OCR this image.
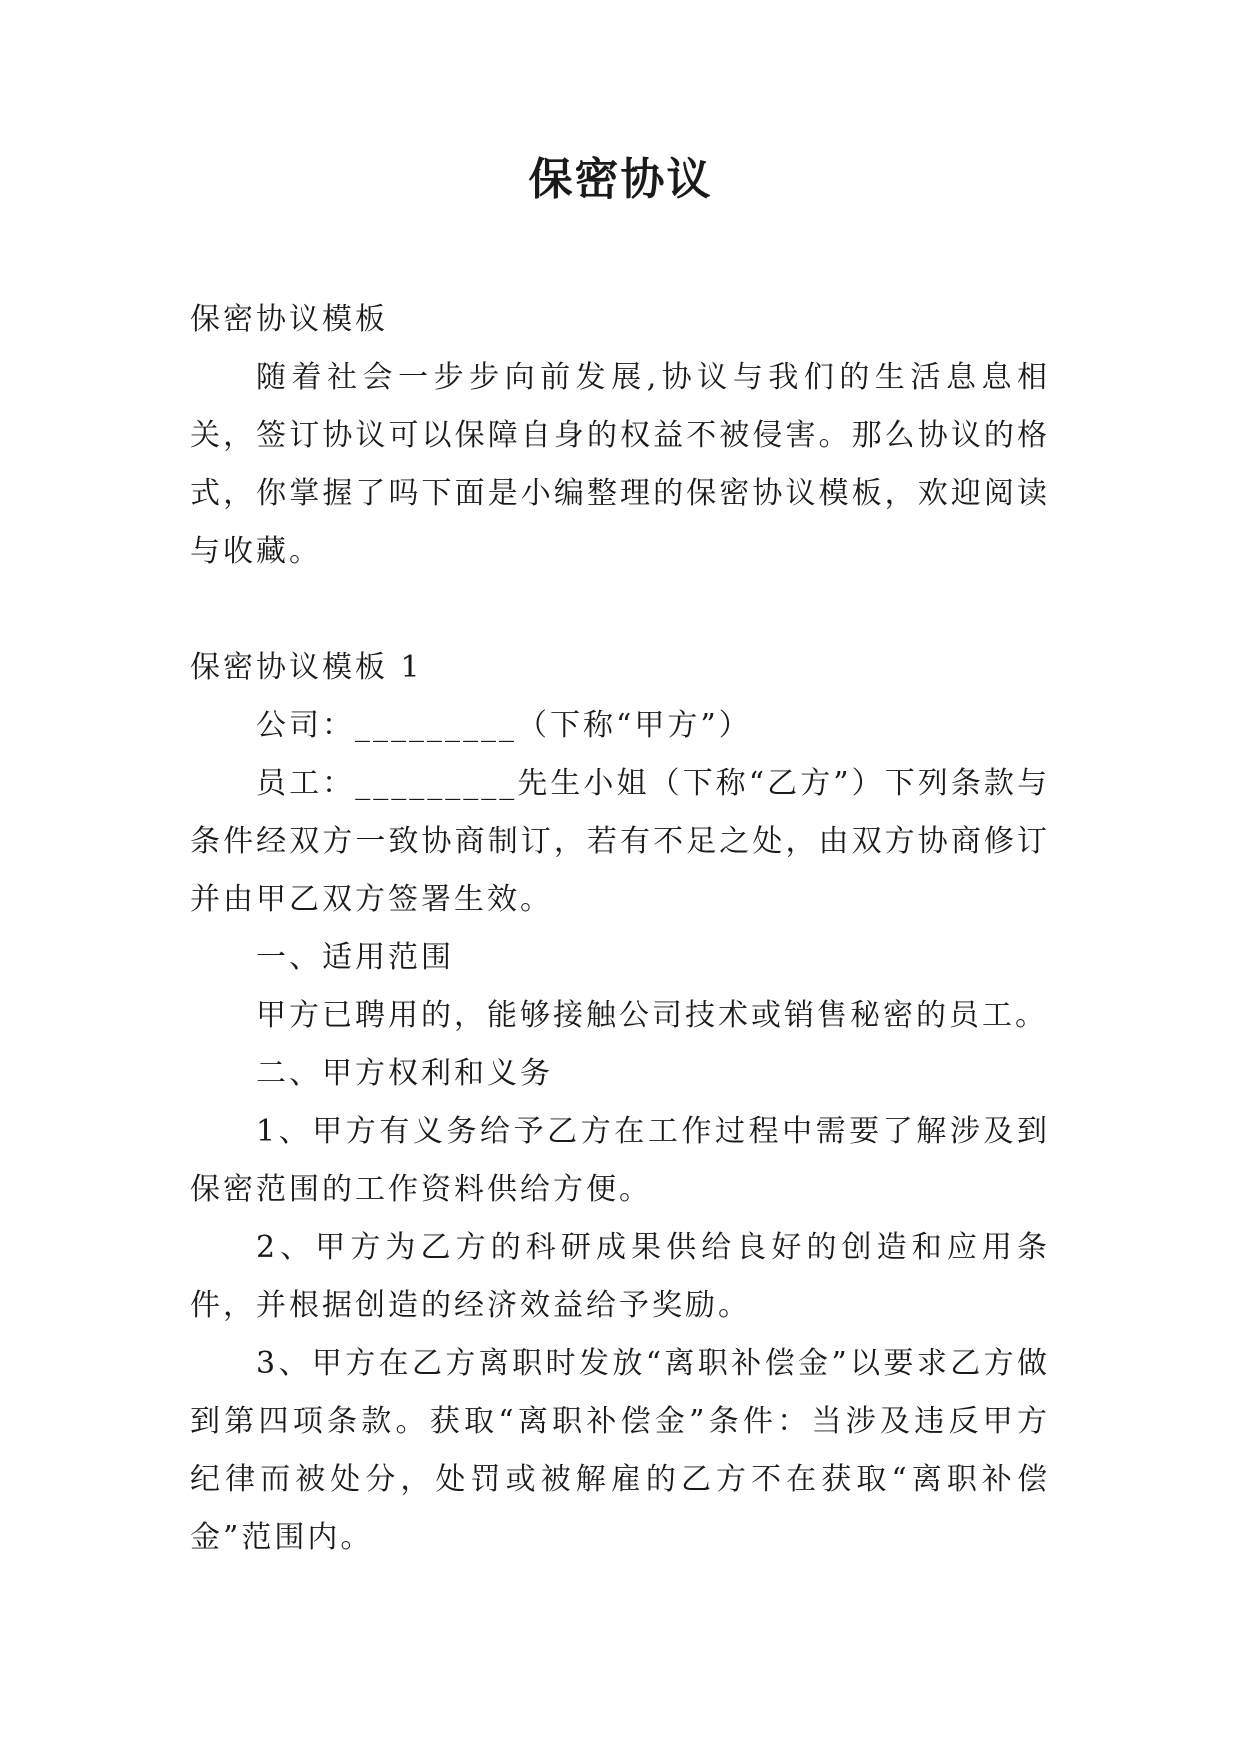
保密协议

保密协议模板

随着社会一步步向前发展,协议与我们的生活息息相关，签订协议可以保障自身的权益不被侵害。那么协议的格式，你掌握了吗下面是小编整理的保密协议模板，欢迎阅读与收藏。

保密协议模板 1

公司：_________（下称“甲方”）

员工：_________先生小姐（下称“乙方”）下列条款与条件经双方一致协商制订，若有不足之处，由双方协商修订并由甲乙双方签署生效。

一、适用范围

甲方已聘用的，能够接触公司技术或销售秘密的员工。

二、甲方权利和义务

1、甲方有义务给予乙方在工作过程中需要了解涉及到保密范围的工作资料供给方便。

2、甲方为乙方的科研成果供给良好的创造和应用条件，并根据创造的经济效益给予奖励。

3、甲方在乙方离职时发放“离职补偿金”以要求乙方做到第四项条款。获取“离职补偿金”条件：当涉及违反甲方纪律而被处分，处罚或被解雇的乙方不在获取“离职补偿金”范围内。
